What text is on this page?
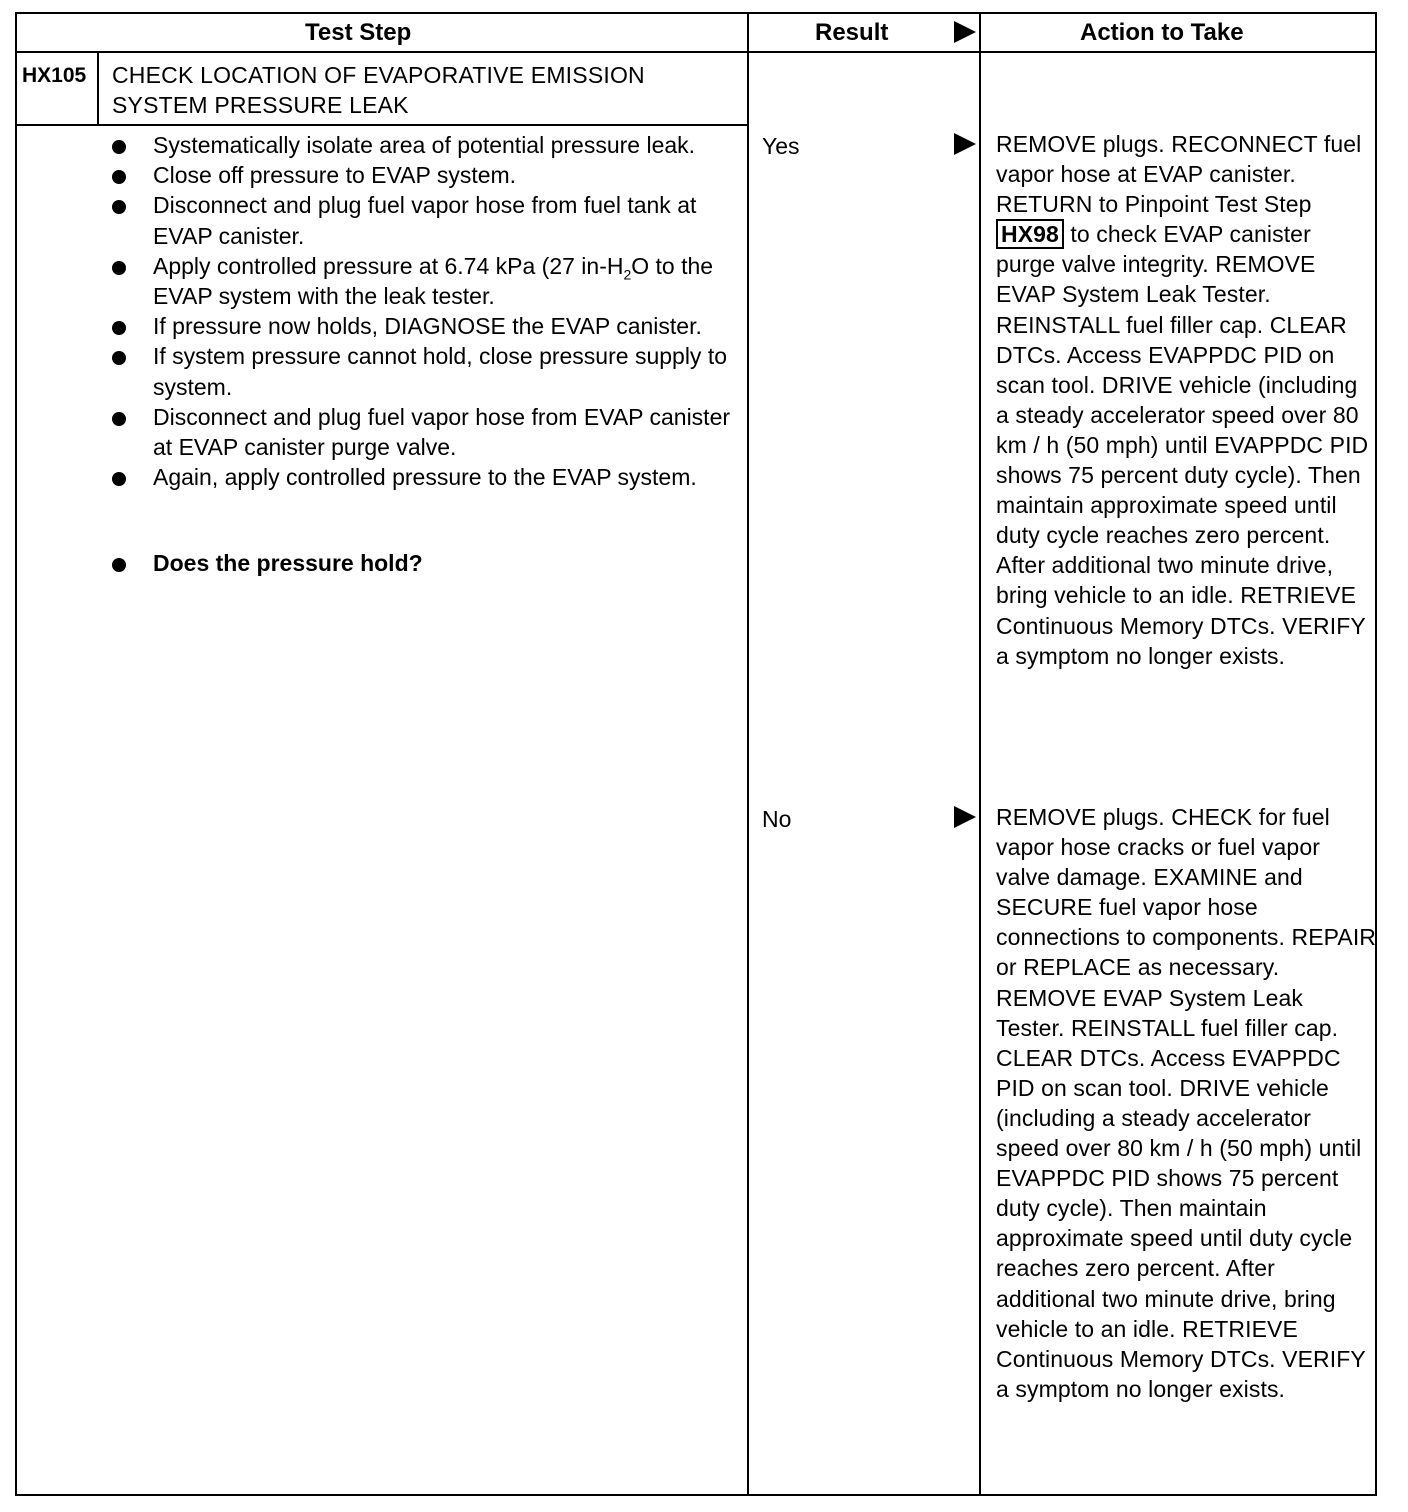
Test Step	Result	Action to Take
HX105 CHECK LOCATION OF EVAPORATIVE EMISSION
SYSTEM PRESSURE LEAK
Systematically isolate area of potential pressure leak.
Close off pressure to EVAP system.
Disconnect and plug fuel vapor hose from fuel tank at EVAP canister.
Apply controlled pressure at 6.74 kPa (27 $in-H_2O$ to the EVAP system with the leak tester.
If pressure now holds, DIAGNOSE the EVAP canister.
If system pressure cannot hold, close pressure supply to system.
Disconnect and plug fuel vapor hose from EVAP canister at EVAP canister purge valve.
Again, apply controlled pressure to the EVAP system.
Does the pressure hold?
Yes	REMOVE plugs. RECONNECT fuel vapor hose at EVAP canister. RETURN to Pinpoint Test Step HX98 to check EVAP canister purge valve integrity. REMOVE EVAP System Leak Tester. REINSTALL fuel filler cap. CLEAR DTCs. Access EVAPPDC PID on scan tool. DRIVE vehicle (including a steady accelerator speed over 80 km / h (50 mph) until EVAPPDC PID shows 75 percent duty cycle). Then maintain approximate speed until duty cycle reaches zero percent. After additional two minute drive, bring vehicle to an idle. RETRIEVE Continuous Memory DTCs. VERIFY a symptom no longer exists.
No	REMOVE plugs. CHECK for fuel vapor hose cracks or fuel vapor valve damage. EXAMINE and SECURE fuel vapor hose connections to components. REPAIR or REPLACE as necessary. REMOVE EVAP System Leak Tester. REINSTALL fuel filler cap. CLEAR DTCs. Access EVAPPDC PID on scan tool. DRIVE vehicle (including a steady accelerator speed over 80 km / h (50 mph) until EVAPPDC PID shows 75 percent duty cycle). Then maintain approximate speed until duty cycle reaches zero percent. After additional two minute drive, bring vehicle to an idle. RETRIEVE Continuous Memory DTCs. VERIFY a symptom no longer exists.
